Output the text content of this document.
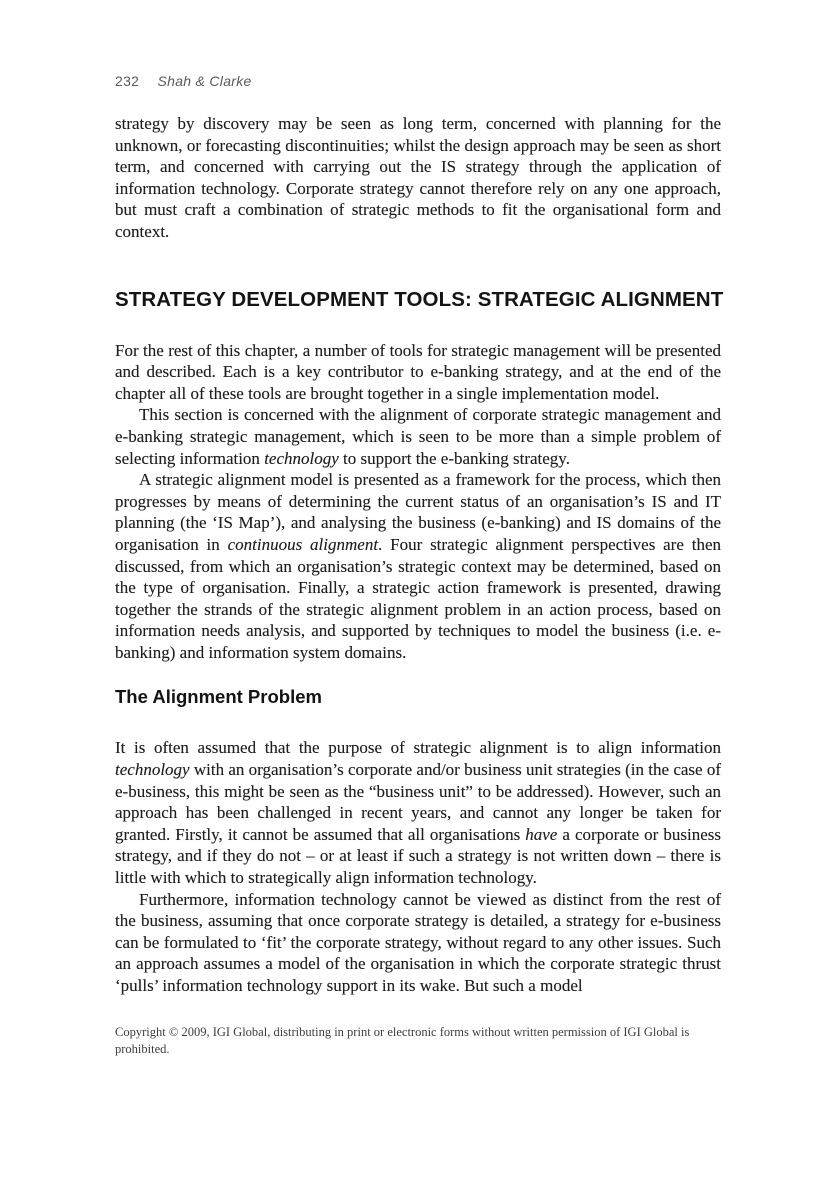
232 Shah & Clarke

strategy by discovery may be seen as long term, concerned with planning for the unknown, or forecasting discontinuities; whilst the design approach may be seen as short term, and concerned with carrying out the IS strategy through the application of information technology. Corporate strategy cannot therefore rely on any one approach, but must craft a combination of strategic methods to fit the organisational form and context.

STRATEGY DEVELOPMENT TOOLS: STRATEGIC ALIGNMENT

For the rest of this chapter, a number of tools for strategic management will be presented and described. Each is a key contributor to e-banking strategy, and at the end of the chapter all of these tools are brought together in a single implementation model.

This section is concerned with the alignment of corporate strategic management and e-banking strategic management, which is seen to be more than a simple problem of selecting information technology to support the e-banking strategy.

A strategic alignment model is presented as a framework for the process, which then progresses by means of determining the current status of an organisation’s IS and IT planning (the ‘IS Map’), and analysing the business (e-banking) and IS domains of the organisation in continuous alignment. Four strategic alignment perspectives are then discussed, from which an organisation’s strategic context may be determined, based on the type of organisation. Finally, a strategic action framework is presented, drawing together the strands of the strategic alignment problem in an action process, based on information needs analysis, and supported by techniques to model the business (i.e. e-banking) and information system domains.

The Alignment Problem

It is often assumed that the purpose of strategic alignment is to align information technology with an organisation’s corporate and/or business unit strategies (in the case of e-business, this might be seen as the “business unit” to be addressed). However, such an approach has been challenged in recent years, and cannot any longer be taken for granted. Firstly, it cannot be assumed that all organisations have a corporate or business strategy, and if they do not – or at least if such a strategy is not written down – there is little with which to strategically align information technology.

Furthermore, information technology cannot be viewed as distinct from the rest of the business, assuming that once corporate strategy is detailed, a strategy for e-business can be formulated to ‘fit’ the corporate strategy, without regard to any other issues. Such an approach assumes a model of the organisation in which the corporate strategic thrust ‘pulls’ information technology support in its wake. But such a model

Copyright © 2009, IGI Global, distributing in print or electronic forms without written permission of IGI Global is prohibited.
